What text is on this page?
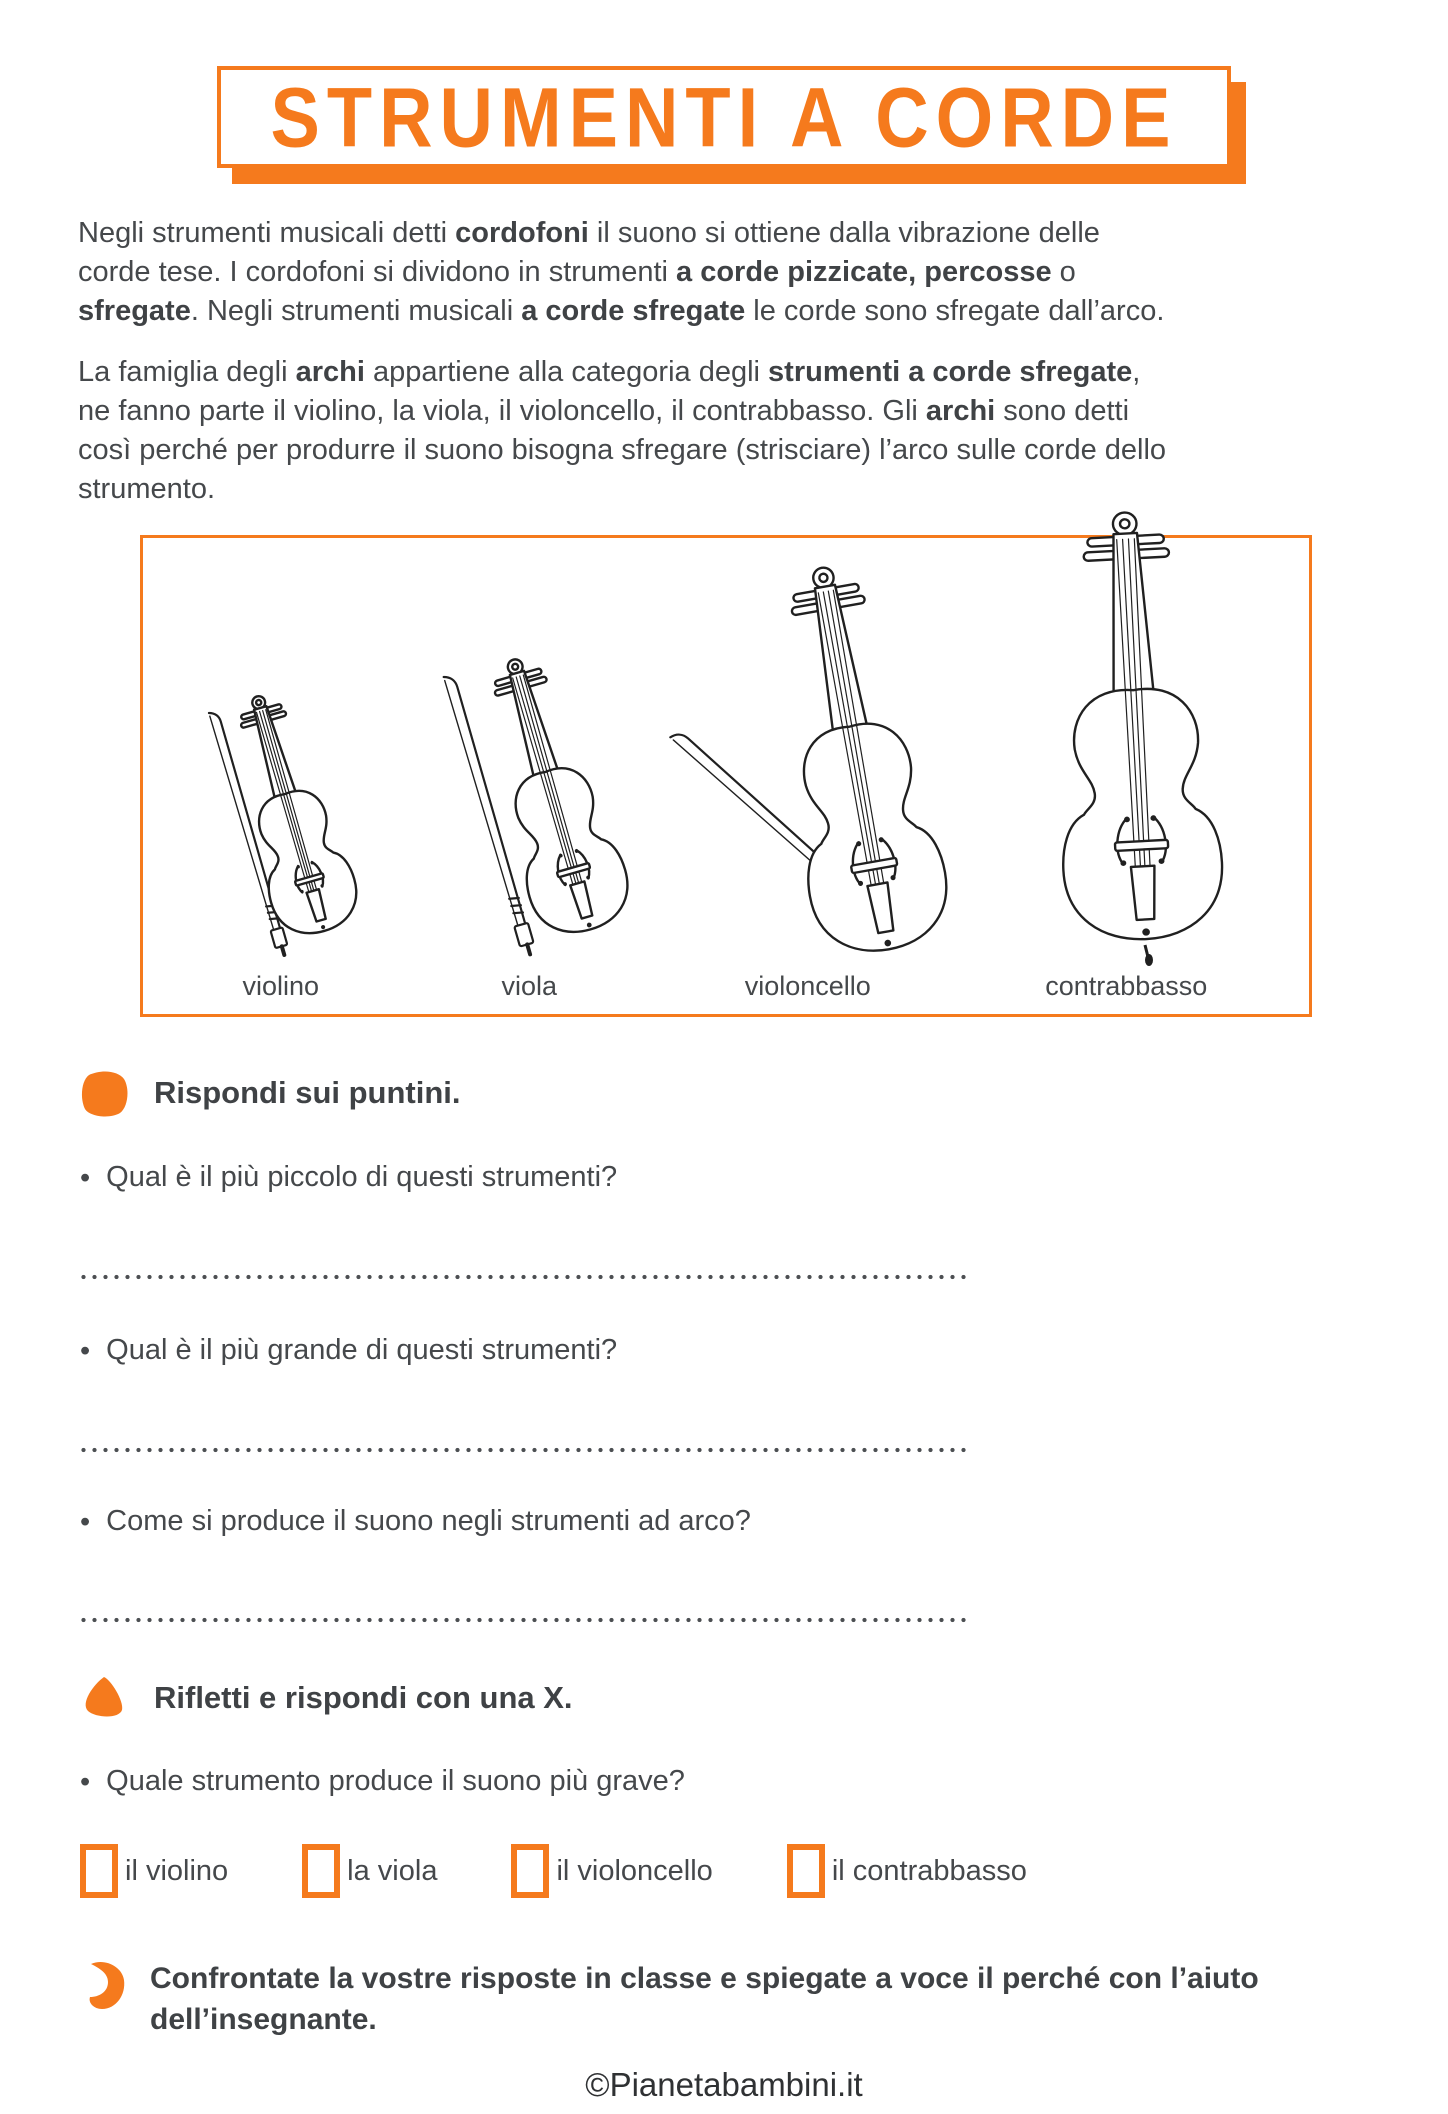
STRUMENTI A CORDE
Negli strumenti musicali detti cordofoni il suono si ottiene dalla vibrazione delle
corde tese. I cordofoni si dividono in strumenti a corde pizzicate, percosse o
sfregate. Negli strumenti musicali a corde sfregate le corde sono sfregate dall’arco.
La famiglia degli archi appartiene alla categoria degli strumenti a corde sfregate,
ne fanno parte il violino, la viola, il violoncello, il contrabbasso. Gli archi sono detti
così perché per produrre il suono bisogna sfregare (strisciare) l’arco sulle corde dello
strumento.
violino	viola	violoncello	contrabbasso
Rispondi sui puntini.
• Qual è il più piccolo di questi strumenti?
• Qual è il più grande di questi strumenti?
• Come si produce il suono negli strumenti ad arco?
Rifletti e rispondi con una X.
• Quale strumento produce il suono più grave?
il violino	la viola	il violoncello	il contrabbasso
Confrontate la vostre risposte in classe e spiegate a voce il perché con l’aiuto
dell’insegnante.

©Pianetabambini.it
